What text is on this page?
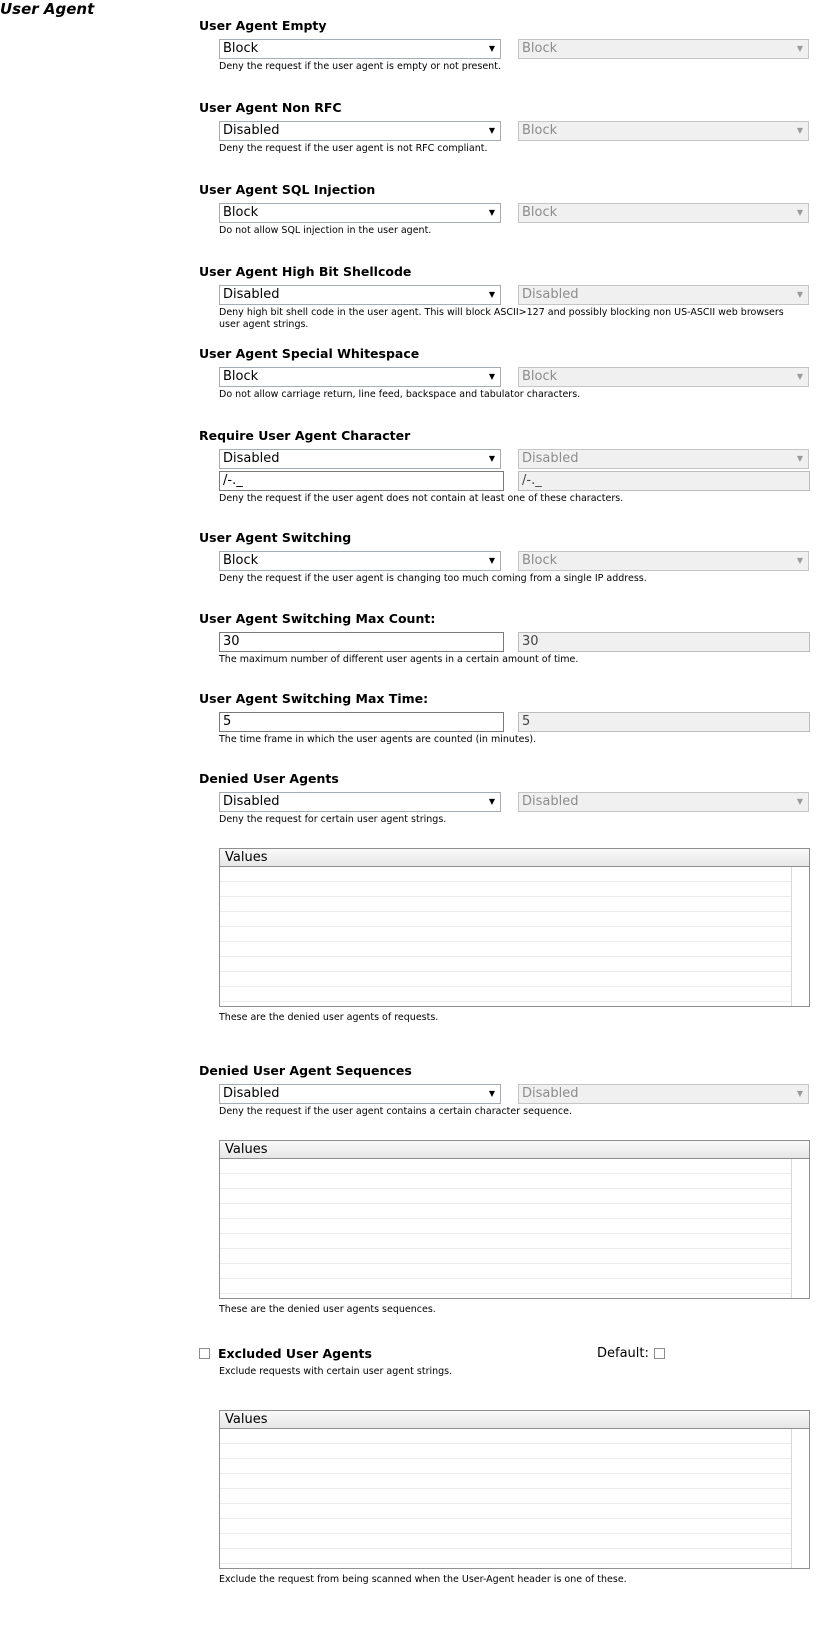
User Agent
User Agent Empty
Block	▼	Block	▼
Deny the request if the user agent is empty or not present.
User Agent Non RFC
Disabled	▼	Block	▼
Deny the request if the user agent is not RFC compliant.
User Agent SQL Injection
Block	▼	Block	▼
Do not allow SQL injection in the user agent.
User Agent High Bit Shellcode
Disabled	▼	Disabled	▼
Deny high bit shell code in the user agent. This will block ASCII>127 and possibly blocking non US-ASCII web browsers user agent strings.
User Agent Special Whitespace
Block	▼	Block	▼
Do not allow carriage return, line feed, backspace and tabulator characters.
Require User Agent Character
Disabled	▼	Disabled	▼
/-._	/-._
Deny the request if the user agent does not contain at least one of these characters.
User Agent Switching
Block	▼	Block	▼
Deny the request if the user agent is changing too much coming from a single IP address.
User Agent Switching Max Count:
30	30
The maximum number of different user agents in a certain amount of time.
User Agent Switching Max Time:
5	5
The time frame in which the user agents are counted (in minutes).
Denied User Agents
Disabled	▼	Disabled	▼
Deny the request for certain user agent strings.
Values
These are the denied user agents of requests.
Denied User Agent Sequences
Disabled	▼	Disabled	▼
Deny the request if the user agent contains a certain character sequence.
Values
These are the denied user agents sequences.
Excluded User Agents	Default:
Exclude requests with certain user agent strings.
Values
Exclude the request from being scanned when the User-Agent header is one of these.
